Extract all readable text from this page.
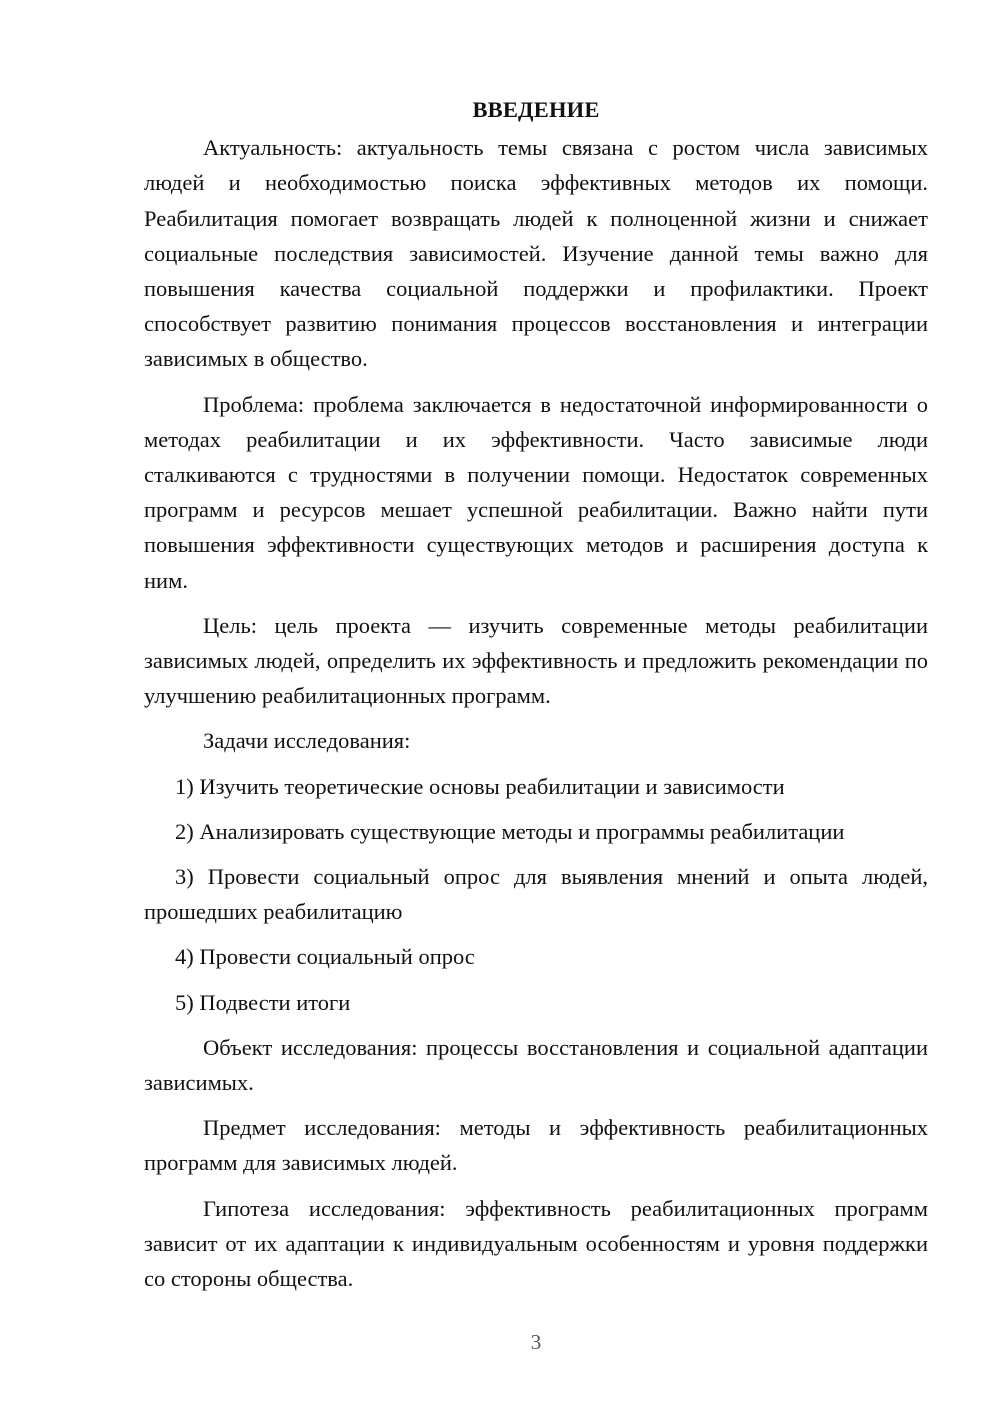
ВВЕДЕНИЕ

Актуальность: актуальность темы связана с ростом числа зависимых людей и необходимостью поиска эффективных методов их помощи. Реабилитация помогает возвращать людей к полноценной жизни и снижает социальные последствия зависимостей. Изучение данной темы важно для повышения качества социальной поддержки и профилактики. Проект способствует развитию понимания процессов восстановления и интеграции зависимых в общество.

Проблема: проблема заключается в недостаточной информированности о методах реабилитации и их эффективности. Часто зависимые люди сталкиваются с трудностями в получении помощи. Недостаток современных программ и ресурсов мешает успешной реабилитации. Важно найти пути повышения эффективности существующих методов и расширения доступа к ним.

Цель: цель проекта — изучить современные методы реабилитации зависимых людей, определить их эффективность и предложить рекомендации по улучшению реабилитационных программ.

Задачи исследования:

1) Изучить теоретические основы реабилитации и зависимости

2) Анализировать существующие методы и программы реабилитации

3) Провести социальный опрос для выявления мнений и опыта людей, прошедших реабилитацию

4) Провести социальный опрос

5) Подвести итоги

Объект исследования: процессы восстановления и социальной адаптации зависимых.

Предмет исследования: методы и эффективность реабилитационных программ для зависимых людей.

Гипотеза исследования: эффективность реабилитационных программ зависит от их адаптации к индивидуальным особенностям и уровня поддержки со стороны общества.

3
